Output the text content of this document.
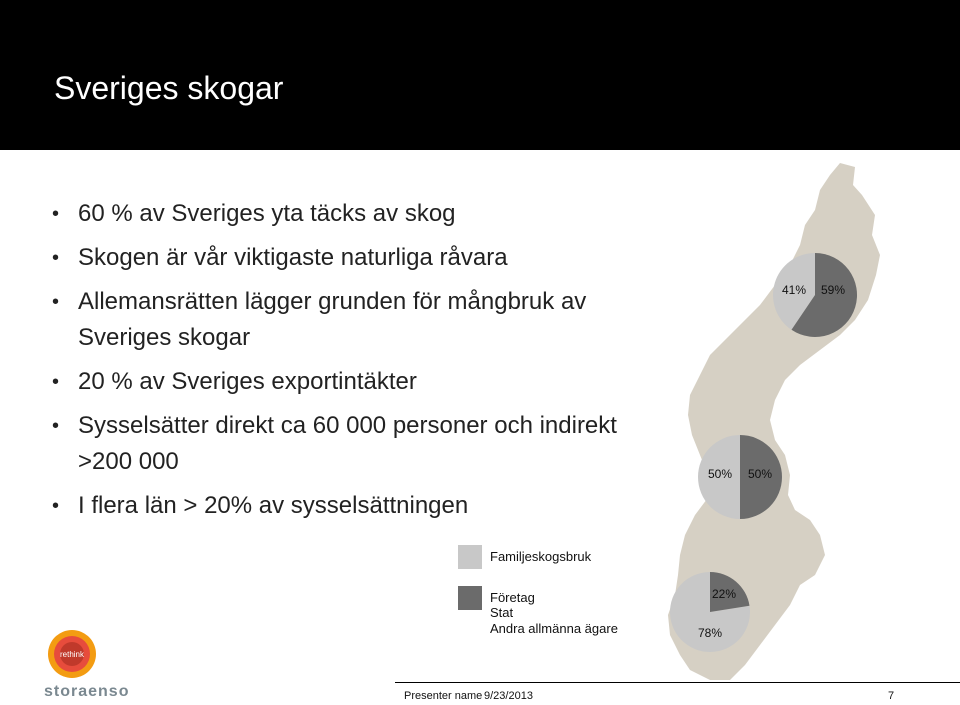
Sveriges skogar
• 60 % av Sveriges yta täcks av skog
• Skogen är vår viktigaste naturliga råvara
• Allemansrätten lägger grunden för mångbruk av Sveriges skogar
• 20 % av Sveriges exportintäkter
• Sysselsätter direkt ca 60 000 personer och indirekt >200 000
• I flera län > 20% av sysselsättningen
41% 59%
50% 50%
78%
22%
Familjeskogsbruk
Företag
Stat
Andra allmänna ägare
rethink
storaenso	Presenter name 9/23/2013	7
